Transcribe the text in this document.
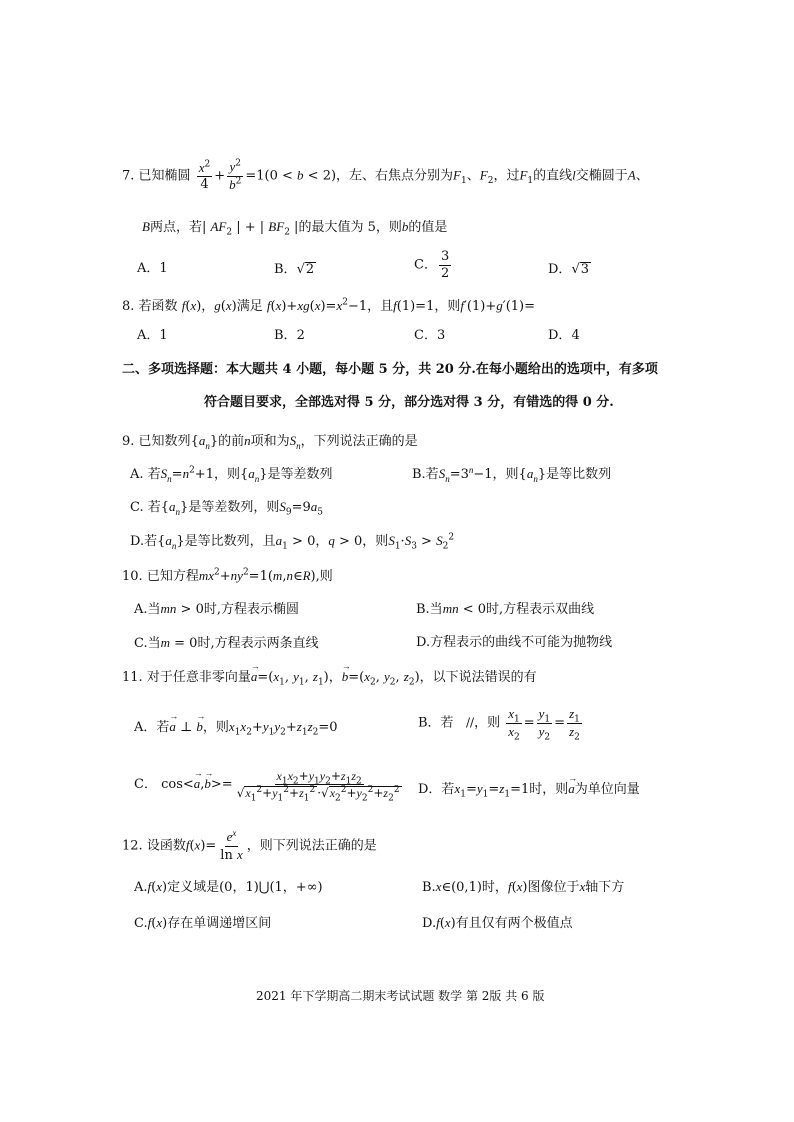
7. 已知椭圆 $\frac{x^2}{4} + \frac{y^2}{b^2} =1(0 < b < 2)$，左、右焦点分别为$F_1$、$F_2$，过$F_1$的直线l交椭圆于A、
B两点，若| $AF_2$ | + | $BF_2$ |的最大值为 5，则b的值是
A．1	B．√2	C． $\frac{3}{2}$	D．√3
8. 若函数 f(x)，g(x)满足 $f(x)+xg(x)=x^2-1$，且f(1)=1，则f′(1)+g′(1)=
A．1	B．2	C．3	D．4
二、多项选择题：本大题共 4 小题，每小题 5 分，共 20 分.在每小题给出的选项中，有多项
符合题目要求，全部选对得 5 分，部分选对得 3 分，有错选的得 0 分.
9. 已知数列$\{a_n\}$的前n项和为$S_n$，下列说法正确的是
A. 若$S_n=n^2+1$，则$\{a_n\}$是等差数列	B.若$S_n=3^n-1$，则$\{a_n\}$是等比数列
C. 若$\{a_n\}$是等差数列，则$S_9=9a_5$
D.若$\{a_n\}$是等比数列，且$a_1 > 0$，q > 0，则$S_1\cdot S_3 > S_2^2$
10. 已知方程$mx^2+ny^2=1(m,n\in R)$,则
A.当mn > 0时,方程表示椭圆	B.当mn < 0时,方程表示双曲线
C.当m = 0时,方程表示两条直线	D.方程表示的曲线不可能为抛物线
11. 对于任意非零向量→ $a=(x_1$, $y_1$, $z_1$)，→ $b=(x_2$, $y_2$, $z_2$)，以下说法错误的有
A．若→ a ⊥ → b，则$x_1x_2+y_1y_2+z_1z_2=0$	B．若 //，则 $\frac{x_1}{x_2} = \frac{y_1}{y_2} = \frac{z_1}{z_2}$
C． $\cos<\to a,\to b>= \frac{x_1x_2+y_1y_2+z_1z_2}{√x_1^2+y_1^2+z_1^2 \cdot√x_2^2+y_2^2+z_2^2}$ D．若$x_1=y_1=z_1=1$时，则→ a为单位向量
12. 设函数$f(x)= \frac{e^x}{\text{ln x}}$ ，则下列说法正确的是
A.f(x)定义域是(0，1)⋃(1，+∞)	B.x∈(0,1)时，f(x)图像位于x轴下方
C.f(x)存在单调递增区间	D.f(x)有且仅有两个极值点
2021 年下学期高二期末考试试题 数学 第 2版 共 6 版
